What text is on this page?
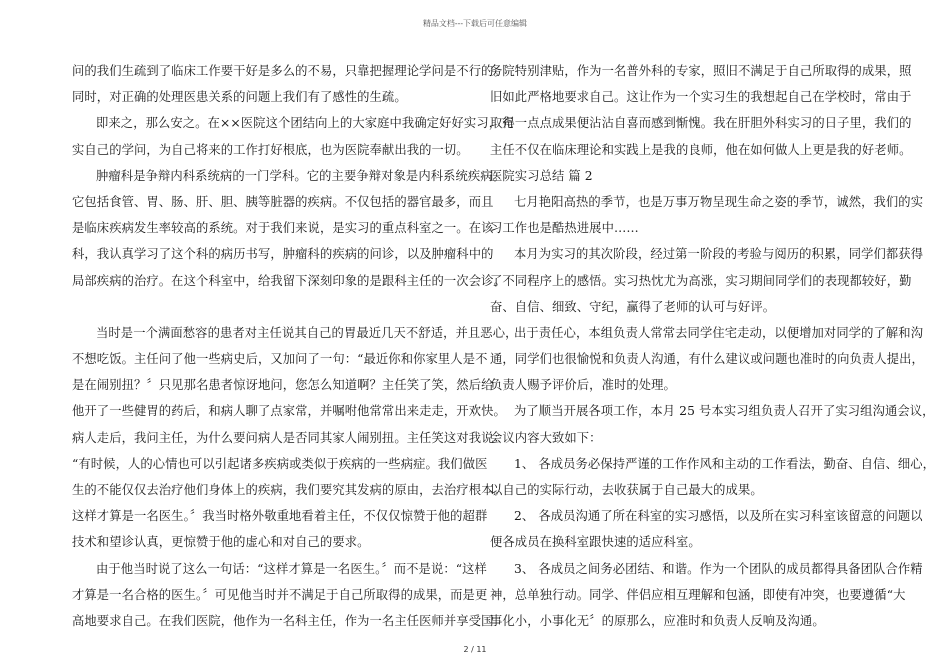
精品文档---下载后可任意编辑
问的我们生疏到了临床工作要干好是多么的不易，只靠把握理论学问是不行的。
同时，对正确的处理医患关系的问题上我们有了感性的生疏。
即来之，那么安之。在××医院这个团结向上的大家庭中我确定好好实习，充
实自己的学问，为自己将来的工作打好根底，也为医院奉献出我的一切。
肿瘤科是争辩内科系统病的一门学科。它的主要争辩对象是内科系统疾病。
它包括食管、胃、肠、肝、胆、胰等脏器的疾病。不仅包括的器官最多，而且
是临床疾病发生率较高的系统。对于我们来说，是实习的重点科室之一。在该
科，我认真学习了这个科的病历书写，肿瘤科的疾病的问诊，以及肿瘤科中的
局部疾病的治疗。在这个科室中，给我留下深刻印象的是跟科主任的一次会诊。
当时是一个满面愁容的患者对主任说其自己的胃最近几天不舒适，并且恶心，
不想吃饭。主任问了他一些病史后，又加问了一句：“最近你和你家里人是不
是在闹别扭？〞只见那名患者惊讶地问，您怎么知道啊？主任笑了笑，然后给
他开了一些健胃的药后，和病人聊了点家常，并嘱咐他常常出来走走，开欢快。
病人走后，我问主任，为什么要问病人是否同其家人闹别扭。主任笑这对我说：
“有时候，人的心情也可以引起诸多疾病或类似于疾病的一些病症。我们做医
生的不能仅仅去治疗他们身体上的疾病，我们要究其发病的原由，去治疗根本。
这样才算是一名医生。〞我当时格外敬重地看着主任，不仅仅惊赞于他的超群
技术和望诊认真，更惊赞于他的虚心和对自己的要求。
由于他当时说了这么一句话：“这样才算是一名医生。〞而不是说：“这样
才算是一名合格的医生。〞可见他当时并不满足于自己所取得的成果，而是更
高地要求自己。在我们医院，他作为一名科主任，作为一名主任医师并享受国
务院特别津贴，作为一名普外科的专家，照旧不满足于自己所取得的成果，照
旧如此严格地要求自己。这让作为一个实习生的我想起自己在学校时，常由于
取得一点点成果便沾沾自喜而感到惭愧。我在肝胆外科实习的日子里，我们的
主任不仅在临床理论和实践上是我的良师，他在如何做人上更是我的好老师。
医院实习总结 篇 2
七月艳阳高热的季节，也是万事万物呈现生命之姿的季节，诚然，我们的实
习工作也是酷热进展中……
本月为实习的其次阶段，经过第一阶段的考验与阅历的积累，同学们都获得
了不同程序上的感悟。实习热忱尤为高涨，实习期间同学们的表现都较好，勤
奋、自信、细致、守纪，赢得了老师的认可与好评。
出于责任心，本组负责人常常去同学住宅走动，以便增加对同学的了解和沟
通，同学们也很愉悦和负责人沟通，有什么建议或问题也准时的向负责人提出，
负责人赐予评价后，准时的处理。
为了顺当开展各项工作，本月 25 号本实习组负责人召开了实习组沟通会议，
会议内容大致如下：
1、 各成员务必保持严谨的工作作风和主动的工作看法，勤奋、自信、细心，
以自己的实际行动，去收获属于自己最大的成果。
2、 各成员沟通了所在科室的实习感悟，以及所在实习科室该留意的问题以
便各成员在换科室跟快速的适应科室。
3、 各成员之间务必团结、和谐。作为一个团队的成员都得具备团队合作精
神，总单独行动。同学、伴侣应相互理解和包涵，即使有冲突，也要遵循“大
事化小，小事化无〞的原那么，应准时和负责人反响及沟通。
2 / 11
